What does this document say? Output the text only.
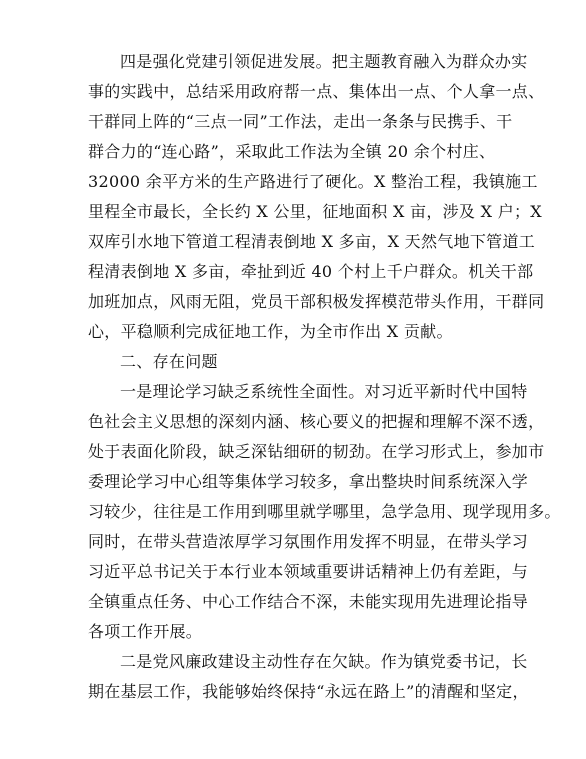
四是强化党建引领促进发展。把主题教育融入为群众办实
事的实践中，总结采用政府帮一点、集体出一点、个人拿一点、
干群同上阵的“三点一同”工作法，走出一条条与民携手、干
群合力的“连心路”，采取此工作法为全镇 20 余个村庄、
32000 余平方米的生产路进行了硬化。X 整治工程，我镇施工
里程全市最长，全长约 X 公里，征地面积 X 亩，涉及 X 户；X
双库引水地下管道工程清表倒地 X 多亩，X 天然气地下管道工
程清表倒地 X 多亩，牵扯到近 40 个村上千户群众。机关干部
加班加点，风雨无阻，党员干部积极发挥模范带头作用，干群同
心，平稳顺利完成征地工作，为全市作出 X 贡献。
二、存在问题
一是理论学习缺乏系统性全面性。对习近平新时代中国特
色社会主义思想的深刻内涵、核心要义的把握和理解不深不透，
处于表面化阶段，缺乏深钻细研的韧劲。在学习形式上，参加市
委理论学习中心组等集体学习较多，拿出整块时间系统深入学
习较少，往往是工作用到哪里就学哪里，急学急用、现学现用多。
同时，在带头营造浓厚学习氛围作用发挥不明显，在带头学习
习近平总书记关于本行业本领域重要讲话精神上仍有差距，与
全镇重点任务、中心工作结合不深，未能实现用先进理论指导
各项工作开展。
二是党风廉政建设主动性存在欠缺。作为镇党委书记，长
期在基层工作，我能够始终保持“永远在路上”的清醒和坚定，
